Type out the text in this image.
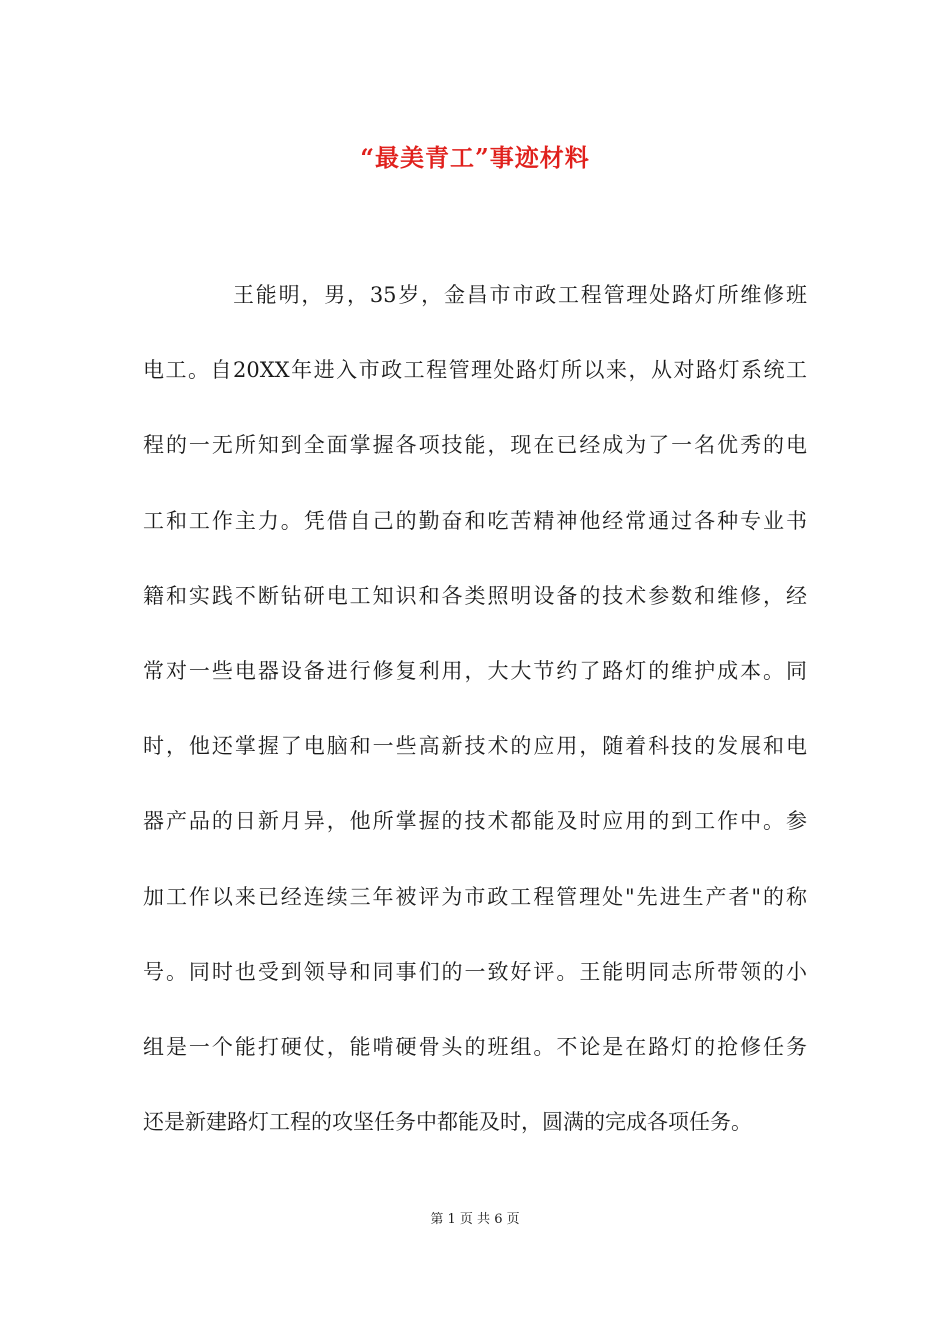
“最美青工”事迹材料
王能明，男，35岁，金昌市市政工程管理处路灯所维修班
电工。自20XX年进入市政工程管理处路灯所以来，从对路灯系统工
程的一无所知到全面掌握各项技能，现在已经成为了一名优秀的电
工和工作主力。凭借自己的勤奋和吃苦精神他经常通过各种专业书
籍和实践不断钻研电工知识和各类照明设备的技术参数和维修，经
常对一些电器设备进行修复利用，大大节约了路灯的维护成本。同
时，他还掌握了电脑和一些高新技术的应用，随着科技的发展和电
器产品的日新月异，他所掌握的技术都能及时应用的到工作中。参
加工作以来已经连续三年被评为市政工程管理处"先进生产者"的称
号。同时也受到领导和同事们的一致好评。王能明同志所带领的小
组是一个能打硬仗，能啃硬骨头的班组。不论是在路灯的抢修任务
还是新建路灯工程的攻坚任务中都能及时，圆满的完成各项任务。
第 1 页 共 6 页
